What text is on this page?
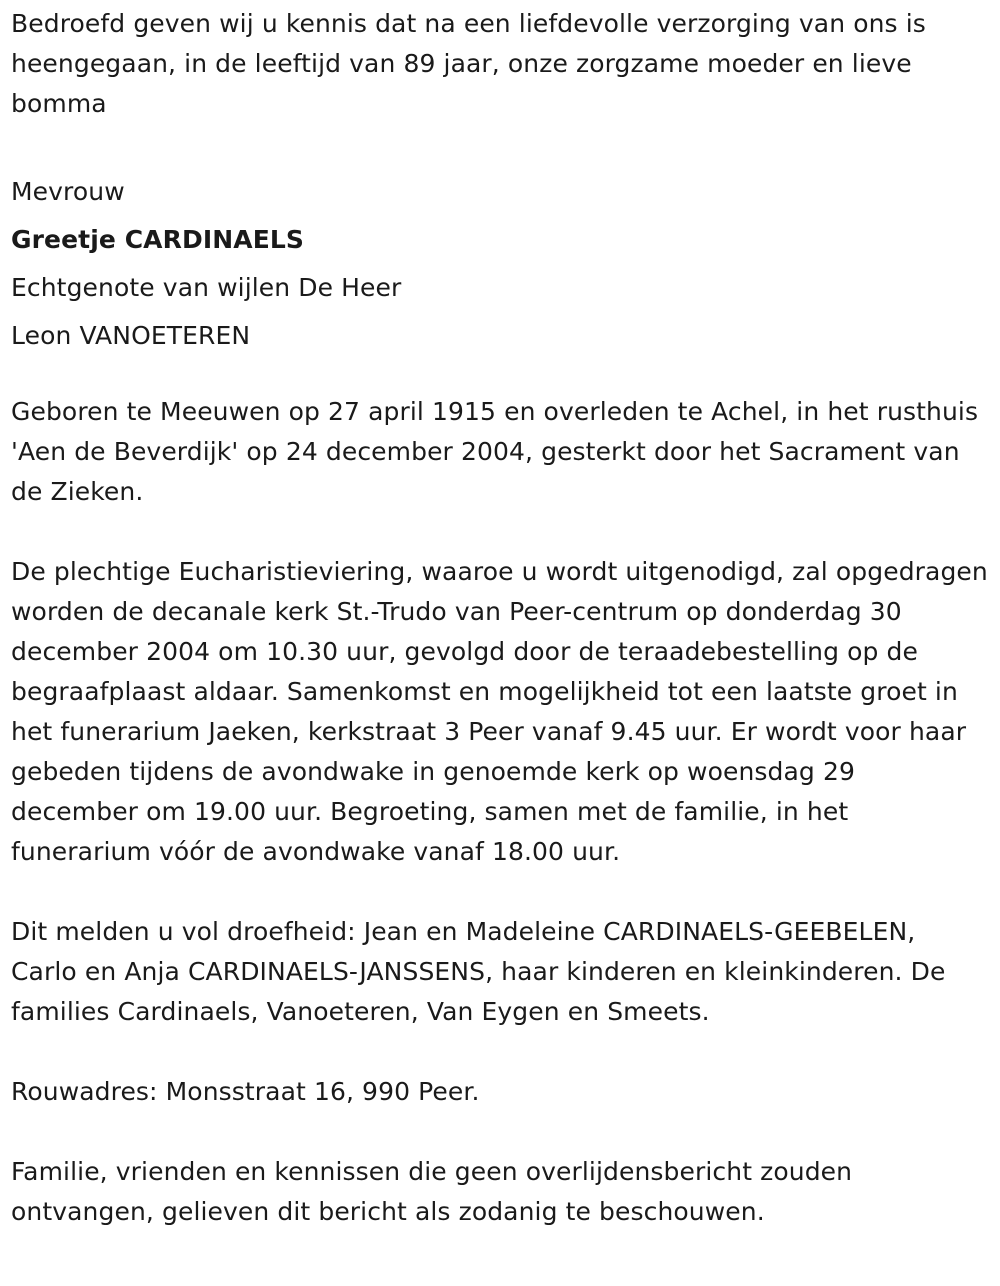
Bedroefd geven wij u kennis dat na een liefdevolle verzorging van ons is heengegaan, in de leeftijd van 89 jaar, onze zorgzame moeder en lieve bomma

Mevrouw

Greetje CARDINAELS

Echtgenote van wijlen De Heer

Leon VANOETEREN

Geboren te Meeuwen op 27 april 1915 en overleden te Achel, in het rusthuis 'Aen de Beverdijk' op 24 december 2004, gesterkt door het Sacrament van de Zieken.

De plechtige Eucharistieviering, waaroe u wordt uitgenodigd, zal opgedragen worden de decanale kerk St.-Trudo van Peer-centrum op donderdag 30 december 2004 om 10.30 uur, gevolgd door de teraadebestelling op de begraafplaast aldaar. Samenkomst en mogelijkheid tot een laatste groet in het funerarium Jaeken, kerkstraat 3 Peer vanaf 9.45 uur. Er wordt voor haar gebeden tijdens de avondwake in genoemde kerk op woensdag 29 december om 19.00 uur. Begroeting, samen met de familie, in het funerarium vóór de avondwake vanaf 18.00 uur.

Dit melden u vol droefheid: Jean en Madeleine CARDINAELS-GEEBELEN, Carlo en Anja CARDINAELS-JANSSENS, haar kinderen en kleinkinderen. De families Cardinaels, Vanoeteren, Van Eygen en Smeets.

Rouwadres: Monsstraat 16, 990 Peer.

Familie, vrienden en kennissen die geen overlijdensbericht zouden ontvangen, gelieven dit bericht als zodanig te beschouwen.
